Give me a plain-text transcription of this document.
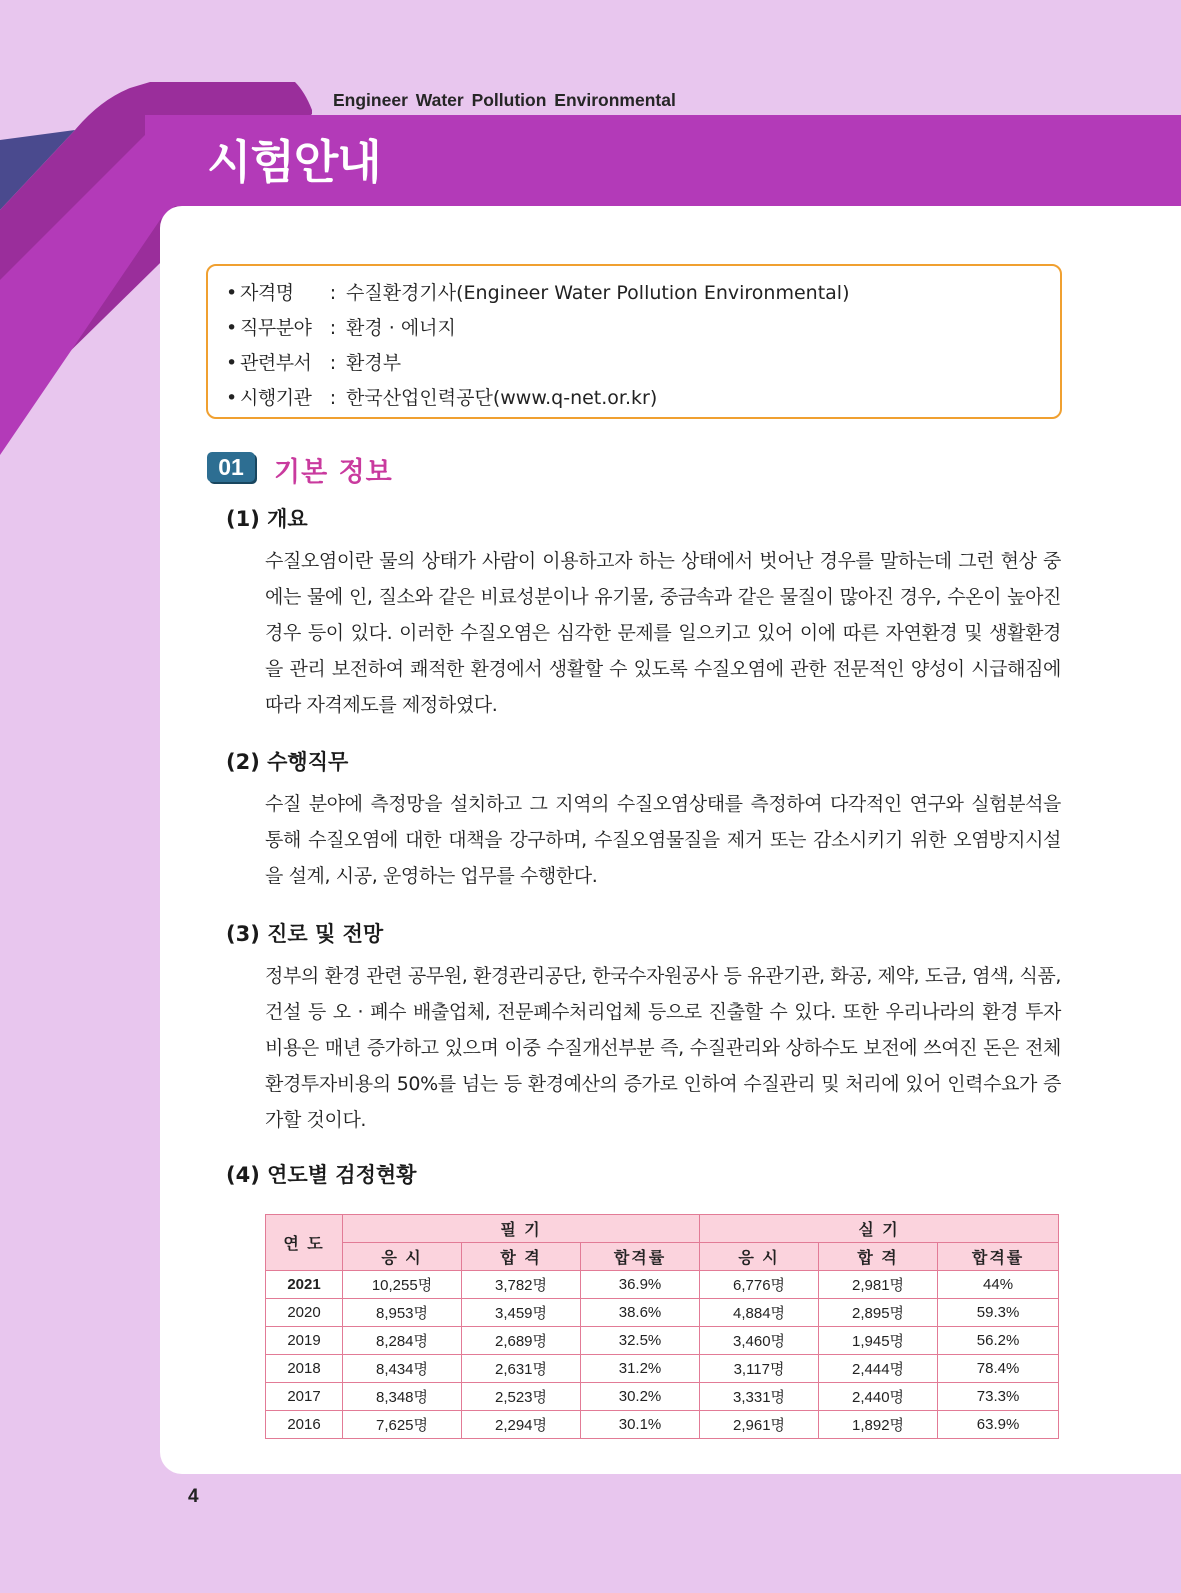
Engineer Water Pollution Environmental

시험안내

• 자격명 : 수질환경기사(Engineer Water Pollution Environmental)

• 직무분야 : 환경 · 에너지

• 관련부서 : 환경부

• 시행기관 : 한국산업인력공단(www.q-net.or.kr)

01	기본 정보
(1) 개요

수질오염이란 물의 상태가 사람이 이용하고자 하는 상태에서 벗어난 경우를 말하는데 그런 현상 중에는 물에 인, 질소와 같은 비료성분이나 유기물, 중금속과 같은 물질이 많아진 경우, 수온이 높아진 경우 등이 있다. 이러한 수질오염은 심각한 문제를 일으키고 있어 이에 따른 자연환경 및 생활환경을 관리 보전하여 쾌적한 환경에서 생활할 수 있도록 수질오염에 관한 전문적인 양성이 시급해짐에 따라 자격제도를 제정하였다.

(2) 수행직무

수질 분야에 측정망을 설치하고 그 지역의 수질오염상태를 측정하여 다각적인 연구와 실험분석을 통해 수질오염에 대한 대책을 강구하며, 수질오염물질을 제거 또는 감소시키기 위한 오염방지시설을 설계, 시공, 운영하는 업무를 수행한다.

(3) 진로 및 전망

정부의 환경 관련 공무원, 환경관리공단, 한국수자원공사 등 유관기관, 화공, 제약, 도금, 염색, 식품, 건설 등 오 · 폐수 배출업체, 전문폐수처리업체 등으로 진출할 수 있다. 또한 우리나라의 환경 투자비용은 매년 증가하고 있으며 이중 수질개선부분 즉, 수질관리와 상하수도 보전에 쓰여진 돈은 전체 환경투자비용의 50%를 넘는 등 환경예산의 증가로 인하여 수질관리 및 처리에 있어 인력수요가 증가할 것이다.

(4) 연도별 검정현황
연 도	필 기			실 기		
	응 시	합 격	합격률	응 시	합 격	합격률
2021	10,255명	3,782명	36.9%	6,776명	2,981명	44%
2020	8,953명	3,459명	38.6%	4,884명	2,895명	59.3%
2019	8,284명	2,689명	32.5%	3,460명	1,945명	56.2%
2018	8,434명	2,631명	31.2%	3,117명	2,444명	78.4%
2017	8,348명	2,523명	30.2%	3,331명	2,440명	73.3%
2016	7,625명	2,294명	30.1%	2,961명	1,892명	63.9%

4
